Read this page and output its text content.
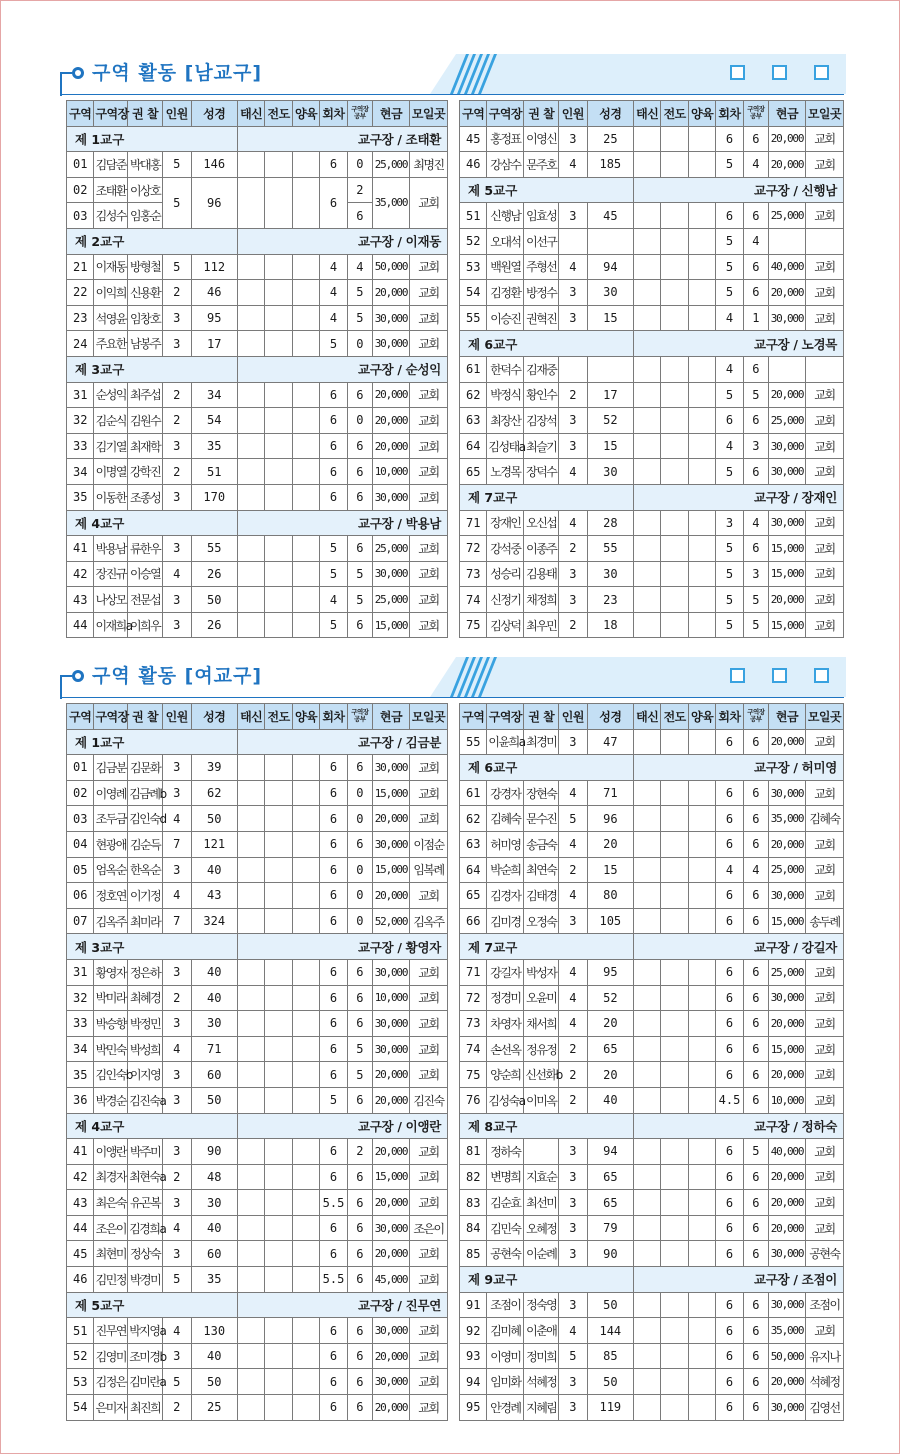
구역 활동 [남교구]
구역	구역장	권 찰	인원	성경	태신	전도	양육	회차	구역장
공부	현금	모일곳
제 1교구					교구장 / 조태환						
01	김담준	박대홍	5	146				6	0	25,000	최명진
02	조태환	이상호	5	96				6	2	35,000	교회
03	김성수	임홍순							6		
제 2교구					교구장 / 이재동						
21	이재동	방형철	5	112				4	4	50,000	교회
22	이익희	신용환	2	46				4	5	20,000	교회
23	석영윤	임창호	3	95				4	5	30,000	교회
24	주요한	남봉주	3	17				5	0	30,000	교회
제 3교구					교구장 / 순성익						
31	순성익	최주섭	2	34				6	6	20,000	교회
32	김순식	김원수	2	54				6	0	20,000	교회
33	김기열	최재학	3	35				6	6	20,000	교회
34	이명열	강학진	2	51				6	6	10,000	교회
35	이동한	조종성	3	170				6	6	30,000	교회
제 4교구					교구장 / 박용남						
41	박용남	류한우	3	55				5	6	25,000	교회
42	장진규	이승열	4	26				5	5	30,000	교회
43	나상모	전문섭	3	50				4	5	25,000	교회
44	이재희a	이희우	3	26				5	6	15,000	교회
구역	구역장	권 찰	인원	성경	태신	전도	양육	회차	구역장
공부	현금	모일곳
45	홍정표	이영신	3	25				6	6	20,000	교회
46	강삼수	문주호	4	185				5	4	20,000	교회
제 5교구					교구장 / 신행남						
51	신행남	임효성	3	45				6	6	25,000	교회
52	오대석	이선구						5	4		
53	백원열	주형선	4	94				5	6	40,000	교회
54	김정환	방정수	3	30				5	6	20,000	교회
55	이승진	권혁진	3	15				4	1	30,000	교회
제 6교구					교구장 / 노경목						
61	한덕수	김재중						4	6		
62	박정식	황인수	2	17				5	5	20,000	교회
63	최장산	김장석	3	52				6	6	25,000	교회
64	김성태a	최슬기	3	15				4	3	30,000	교회
65	노경목	장덕수	4	30				5	6	30,000	교회
제 7교구					교구장 / 장재인						
71	장재인	오신섭	4	28				3	4	30,000	교회
72	강석중	이종주	2	55				5	6	15,000	교회
73	성승리	김용태	3	30				5	3	15,000	교회
74	신정기	채정희	3	23				5	5	20,000	교회
75	김상덕	최우민	2	18				5	5	15,000	교회
구역 활동 [여교구]
구역	구역장	권 찰	인원	성경	태신	전도	양육	회차	구역장
공부	현금	모일곳
제 1교구					교구장 / 김금분						
01	김금분	김문화	3	39				6	6	30,000	교회
02	이영례	김금례b	3	62				6	0	15,000	교회
03	조두금	김인숙d	4	50				6	0	20,000	교회
04	현광애	김순득	7	121				6	6	30,000	이점순
05	엄옥순	한옥순	3	40				6	0	15,000	임복례
06	정호연	이기정	4	43				6	0	20,000	교회
07	김옥주	최미라	7	324				6	0	52,000	김옥주
제 3교구					교구장 / 황영자						
31	황영자	정은하	3	40				6	6	30,000	교회
32	박미라	최혜경	2	40				6	6	10,000	교회
33	박승향	박정민	3	30				6	6	30,000	교회
34	박민숙	박성희	4	71				6	5	30,000	교회
35	김인숙b	이지영	3	60				6	5	20,000	교회
36	박경순	김진숙a	3	50				5	6	20,000	김진숙
제 4교구					교구장 / 이앵란						
41	이앵란	박주미	3	90				6	2	20,000	교회
42	최경자	최현숙a	2	48				6	6	15,000	교회
43	최은숙	유곤복	3	30				5.5	6	20,000	교회
44	조은이	김경희a	4	40				6	6	30,000	조은이
45	최현미	정상숙	3	60				6	6	20,000	교회
46	김민정	박경미	5	35				5.5	6	45,000	교회
제 5교구					교구장 / 진무연						
51	진무연	박지영a	4	130				6	6	30,000	교회
52	김영미	조미경b	3	40				6	6	20,000	교회
53	김정은	김미란a	5	50				6	6	30,000	교회
54	은미자	최진희	2	25				6	6	20,000	교회
구역	구역장	권 찰	인원	성경	태신	전도	양육	회차	구역장
공부	현금	모일곳
55	이윤희a	최경미	3	47				6	6	20,000	교회
제 6교구					교구장 / 허미영						
61	강경자	장현숙	4	71				6	6	30,000	교회
62	김혜숙	문수진	5	96				6	6	35,000	김혜숙
63	허미영	송금숙	4	20				6	6	20,000	교회
64	박순희	최연숙	2	15				4	4	25,000	교회
65	김경자	김태경	4	80				6	6	30,000	교회
66	김미경	오정숙	3	105				6	6	15,000	송두례
제 7교구					교구장 / 강길자						
71	강길자	박성자	4	95				6	6	25,000	교회
72	정경미	오윤미	4	52				6	6	30,000	교회
73	차영자	채서희	4	20				6	6	20,000	교회
74	손선옥	정유정	2	65				6	6	15,000	교회
75	양순희	신선화b	2	20				6	6	20,000	교회
76	김성숙a	이미옥	2	40				4.5	6	10,000	교회
제 8교구					교구장 / 정하숙						
81	정하숙		3	94				6	5	40,000	교회
82	변명희	지효순	3	65				6	6	20,000	교회
83	김순효	최선미	3	65				6	6	20,000	교회
84	김민숙	오혜정	3	79				6	6	20,000	교회
85	공현숙	이순례	3	90				6	6	30,000	공현숙
제 9교구					교구장 / 조점이						
91	조점이	정숙영	3	50				6	6	30,000	조점이
92	김미혜	이춘애	4	144				6	6	35,000	교회
93	이영미	정미희	5	85				6	6	50,000	유지나
94	임미화	석혜정	3	50				6	6	20,000	석혜정
95	안경례	지혜림	3	119				6	6	30,000	김영선
